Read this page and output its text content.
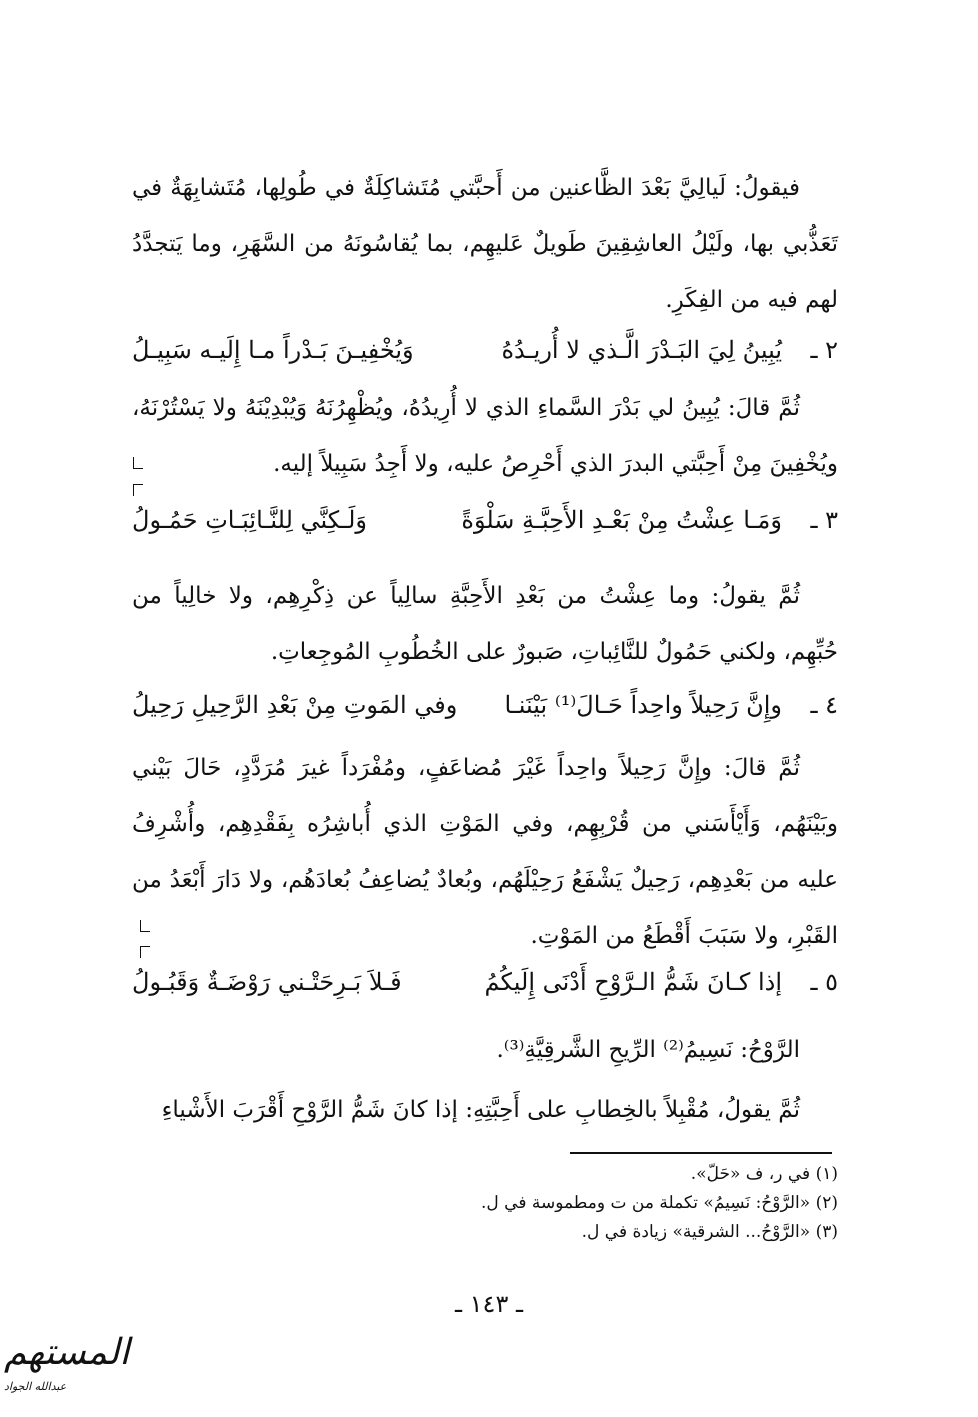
فيقولُ: لَيالِيَّ بَعْدَ الظَّاعنين من أَحبَّتي مُتَشاكِلَةٌ في طُولِها، مُتَشابِهَةٌ في تَعَذُّبي بها، ولَيْلُ العاشِقِينَ طَويلٌ عَليهِم، بما يُقاسُونَهُ من السَّهَرِ، وما يَتجدَّدُ لهم فيه من الفِكَرِ.

٢ ـ
يُبِينُ لِيَ البَـدْرَ الَّـذي لا أُريـدُهُ
وَيُخْفِيـنَ بَـدْراً مـا إِلَيـه سَبِيـلُ

ثُمَّ قالَ: يُبِينُ لي بَدْرَ السَّماءِ الذي لا أُرِيدُهُ، ويُظْهِرُنَهُ وَيُبْدِيْنَهُ ولا يَسْتُرْنَهُ، ويُخْفِينَ مِنْ أَحِبَّتي البدرَ الذي أَحْرِصُ عليه، ولا أَجِدُ سَبِيلاً إليه.

٣ ـ
وَمَـا عِشْتُ مِنْ بَعْـدِ الأَحِبَّـةِ سَلْوَةً
وَلَـكِنَّي لِلنَّـائِبَـاتِ حَمُـولُ

ثُمَّ يقولُ: وما عِشْتُ من بَعْدِ الأَحِبَّةِ سالِياً عن ذِكْرِهِم، ولا خالِياً من حُبِّهِم، ولكني حَمُولٌ للنَّائِباتِ، صَبورٌ على الخُطُوبِ المُوجِعاتِ.

٤ ـ
وإِنَّ رَحِيلاً واحِداً حَـالَ⁽¹⁾ بَيْنَنـا
وفي المَوتِ مِنْ بَعْدِ الرَّحِيلِ رَحِيلُ

ثُمَّ قالَ: وإِنَّ رَحِيلاً واحِداً غَيْرَ مُضاعَفٍ، ومُفْرَداً غيرَ مُرَدَّدٍ، حَالَ بَيْني وبَيْنَهُم، وَأَيْأَسَني من قُرْبِهِم، وفي المَوْتِ الذي أُباشِرُه بِفَقْدِهِم، وأُشْرِفُ عليه من بَعْدِهِم، رَحِيلٌ يَشْفَعُ رَحِيْلَهُم، وبُعادٌ يُضاعِفُ بُعادَهُم، ولا دَارَ أَبْعَدُ من القَبْرِ، ولا سَبَبَ أَقْطَعُ من المَوْتِ.

٥ ـ
إذا كـانَ شَمُّ الـرَّوْحِ أَدْنَى إِلَيكُمُ
فَـلاَ بَـرِحَتْـني رَوْضَـةٌ وَقَبُـولُ
الرَّوْحُ: نَسِيمُ⁽²⁾ الرِّيحِ الشَّرقِيَّةِ⁽³⁾.

ثُمَّ يقولُ، مُقْبِلاً بالخِطابِ على أَحِبَّتِهِ: إذا كانَ شَمُّ الرَّوْحِ أَقْرَبَ الأَشْياءِ

(١) في ر، ف «حَلّ».
(٢) «الرَّوْحُ: نَسِيمُ» تكملة من ت ومطموسة في ل.
(٣) «الرَّوْحُ... الشرقية» زيادة في ل.
ـ ١٤٣ ـ
المستهم
عبدالله الجواد
